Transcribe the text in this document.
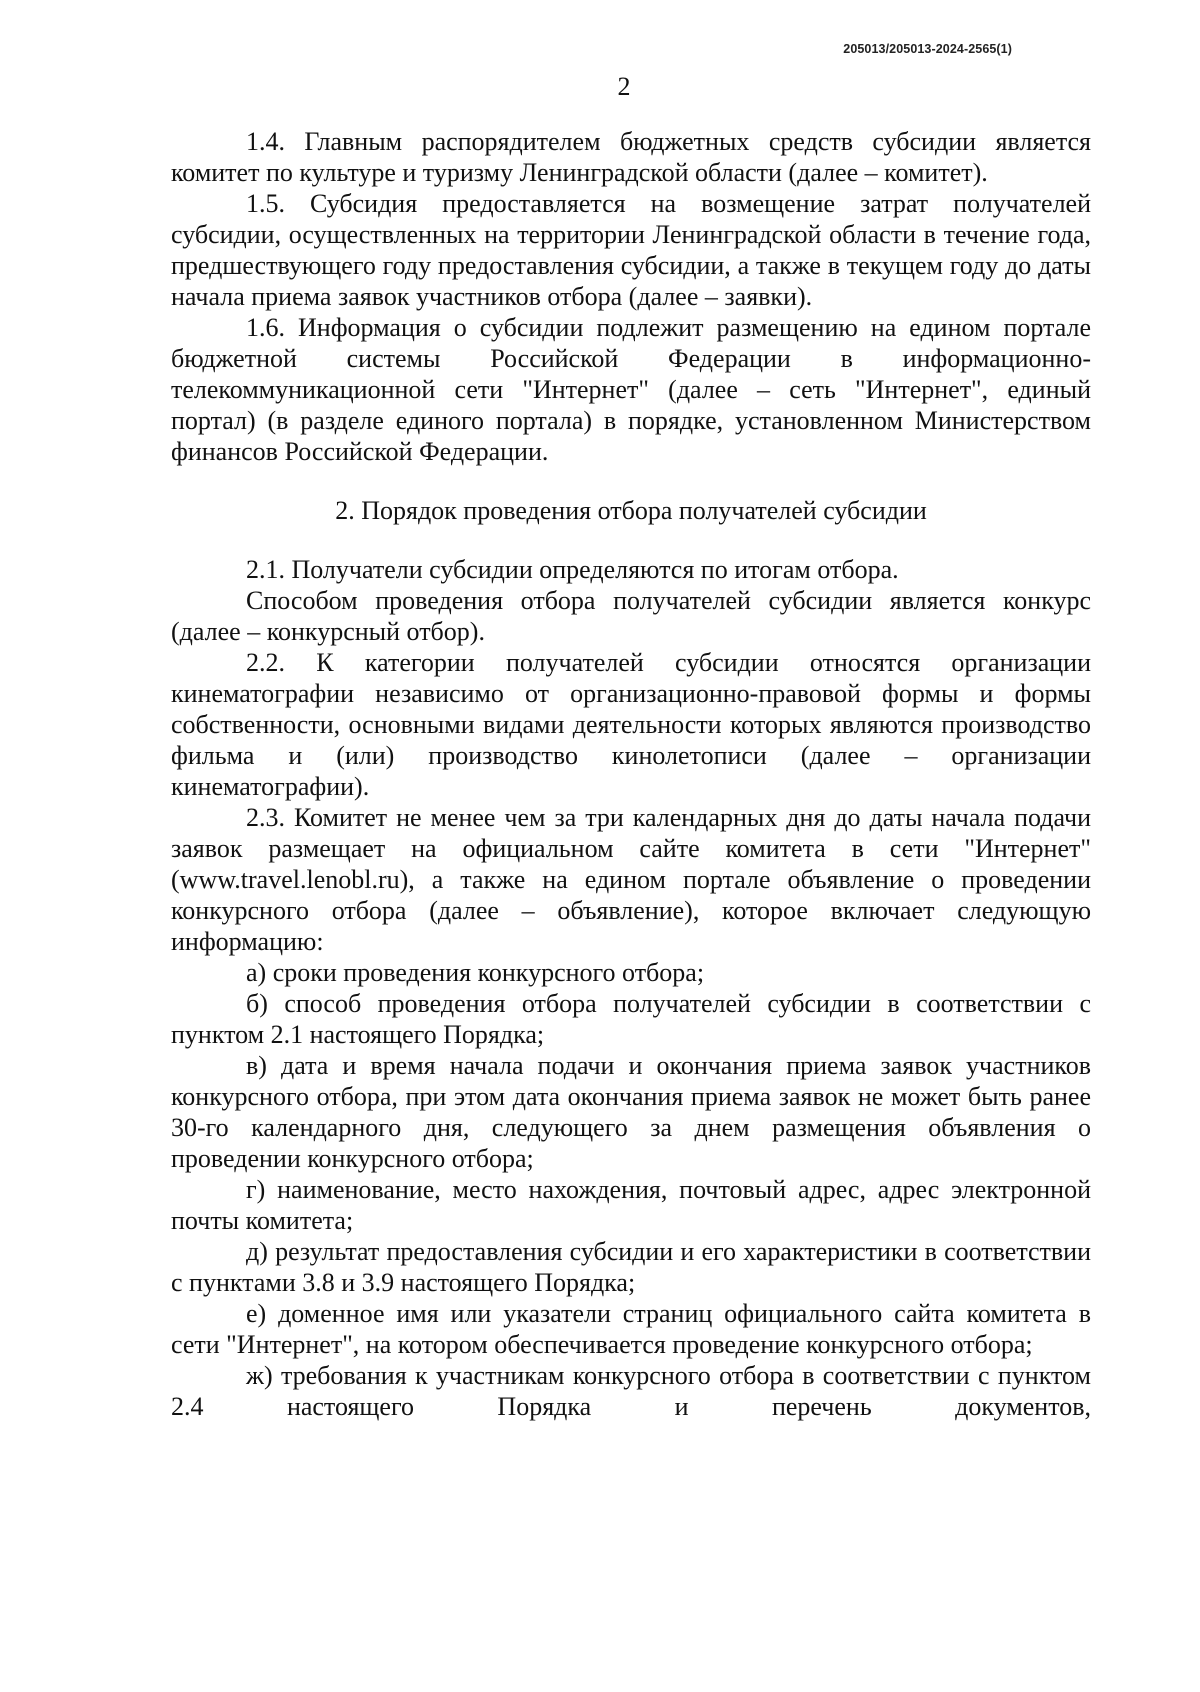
205013/205013-2024-2565(1)
2

1.4. Главным распорядителем бюджетных средств субсидии является комитет по культуре и туризму Ленинградской области (далее – комитет).

1.5. Субсидия предоставляется на возмещение затрат получателей субсидии, осуществленных на территории Ленинградской области в течение года, предшествующего году предоставления субсидии, а также в текущем году до даты начала приема заявок участников отбора (далее – заявки).

1.6. Информация о субсидии подлежит размещению на едином портале бюджетной системы Российской Федерации в информационно-телекоммуникационной сети "Интернет" (далее – сеть "Интернет", единый портал) (в разделе единого портала) в порядке, установленном Министерством финансов Российской Федерации.

2. Порядок проведения отбора получателей субсидии

2.1. Получатели субсидии определяются по итогам отбора.

Способом проведения отбора получателей субсидии является конкурс (далее – конкурсный отбор).

2.2. К категории получателей субсидии относятся организации кинематографии независимо от организационно-правовой формы и формы собственности, основными видами деятельности которых являются производство фильма и (или) производство кинолетописи (далее – организации кинематографии).

2.3. Комитет не менее чем за три календарных дня до даты начала подачи заявок размещает на официальном сайте комитета в сети "Интернет" (www.travel.lenobl.ru), а также на едином портале объявление о проведении конкурсного отбора (далее – объявление), которое включает следующую информацию:

а) сроки проведения конкурсного отбора;

б) способ проведения отбора получателей субсидии в соответствии с пунктом 2.1 настоящего Порядка;

в) дата и время начала подачи и окончания приема заявок участников конкурсного отбора, при этом дата окончания приема заявок не может быть ранее 30-го календарного дня, следующего за днем размещения объявления о проведении конкурсного отбора;

г) наименование, место нахождения, почтовый адрес, адрес электронной почты комитета;

д) результат предоставления субсидии и его характеристики в соответствии с пунктами 3.8 и 3.9 настоящего Порядка;

е) доменное имя или указатели страниц официального сайта комитета в сети "Интернет", на котором обеспечивается проведение конкурсного отбора;

ж) требования к участникам конкурсного отбора в соответствии с пунктом 2.4 настоящего Порядка и перечень документов,
